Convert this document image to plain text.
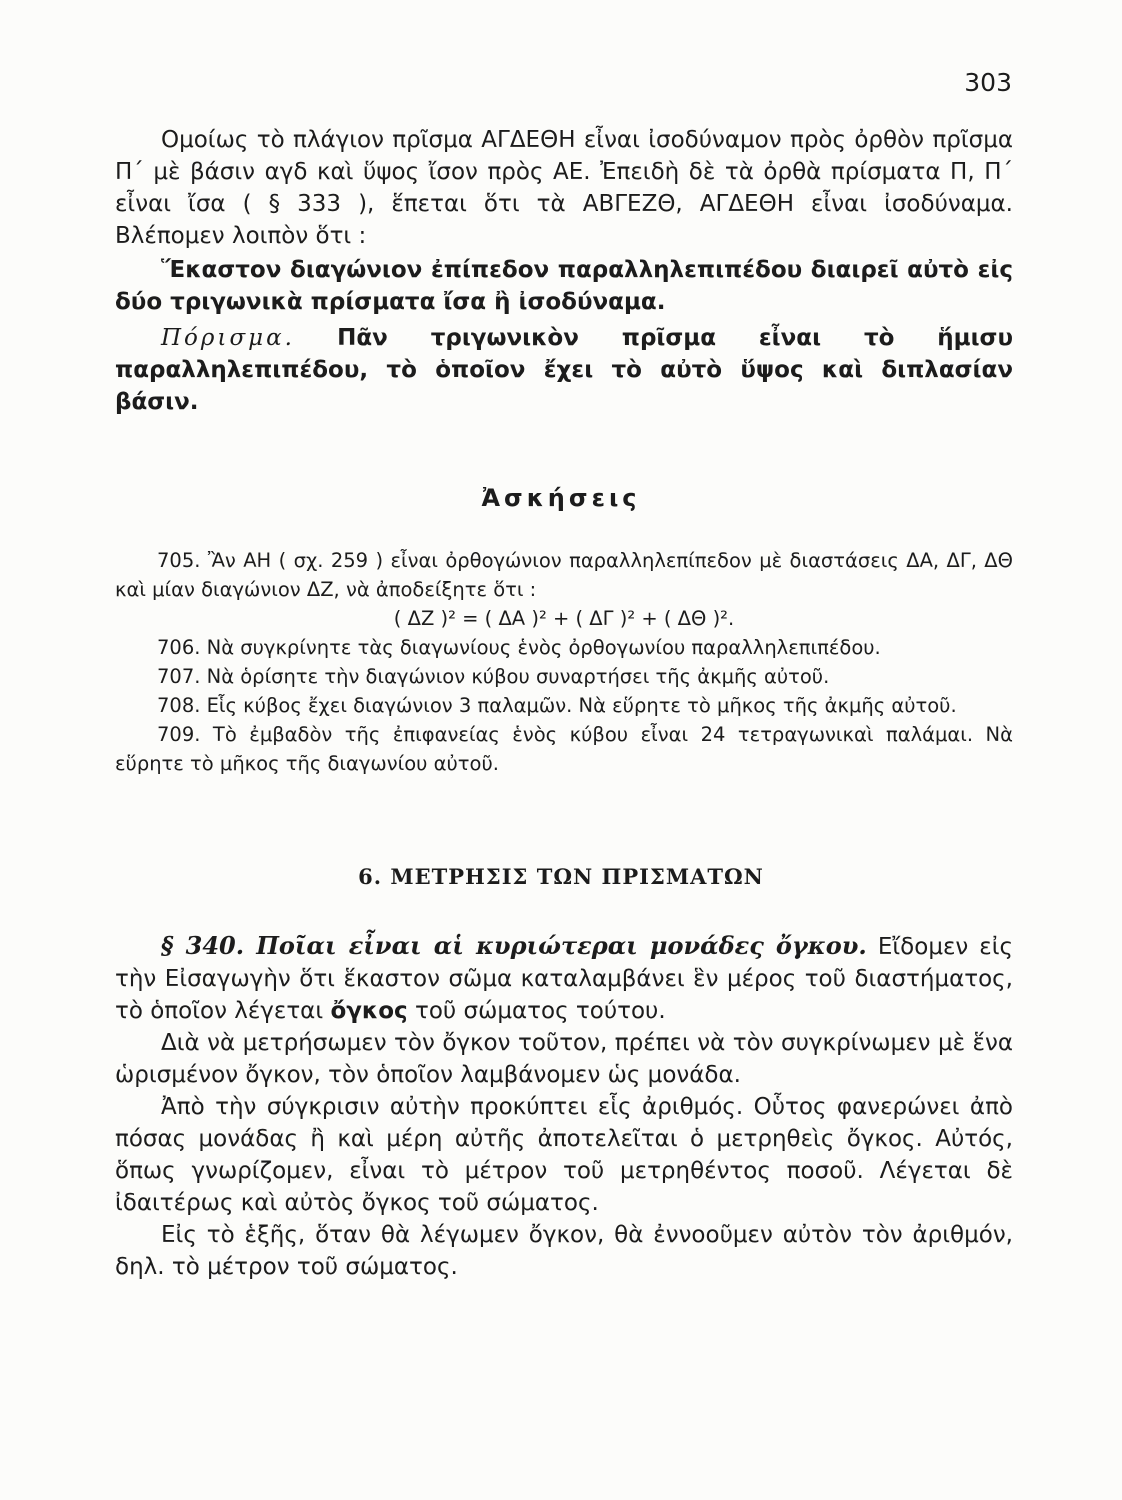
303
Ομοίως τὸ πλάγιον πρῖσμα ΑΓΔΕΘΗ εἶναι ἰσοδύναμον πρὸς ὀρθὸν πρῖσμα Π΄ μὲ βάσιν αγδ καὶ ὕψος ἴσον πρὸς ΑΕ. Ἐπειδὴ δὲ τὰ ὀρθὰ πρίσματα Π, Π΄ εἶναι ἴσα ( § 333 ), ἕπεται ὅτι τὰ ΑΒΓΕΖΘ, ΑΓΔΕΘΗ εἶναι ἰσοδύναμα. Βλέπομεν λοιπὸν ὅτι :
Ἕκαστον διαγώνιον ἐπίπεδον παραλληλεπιπέδου διαιρεῖ αὐτὸ εἰς δύο τριγωνικὰ πρίσματα ἴσα ἢ ἰσοδύναμα.
Πόρισμα. Πᾶν τριγωνικὸν πρῖσμα εἶναι τὸ ἥμισυ παραλληλεπιπέδου, τὸ ὁποῖον ἔχει τὸ αὐτὸ ὕψος καὶ διπλασίαν βάσιν.
Ἀσκήσεις
705. Ἂν ΑΗ ( σχ. 259 ) εἶναι ὀρθογώνιον παραλληλεπίπεδον μὲ διαστάσεις ΔΑ, ΔΓ, ΔΘ καὶ μίαν διαγώνιον ΔΖ, νὰ ἀποδείξητε ὅτι :
( ΔΖ )² = ( ΔΑ )² + ( ΔΓ )² + ( ΔΘ )².
706. Νὰ συγκρίνητε τὰς διαγωνίους ἑνὸς ὀρθογωνίου παραλληλεπιπέδου.
707. Νὰ ὁρίσητε τὴν διαγώνιον κύβου συναρτήσει τῆς ἀκμῆς αὐτοῦ.
708. Εἷς κύβος ἔχει διαγώνιον 3 παλαμῶν. Νὰ εὕρητε τὸ μῆκος τῆς ἀκμῆς αὐτοῦ.
709. Τὸ ἐμβαδὸν τῆς ἐπιφανείας ἑνὸς κύβου εἶναι 24 τετραγωνικαὶ παλάμαι. Νὰ εὕρητε τὸ μῆκος τῆς διαγωνίου αὐτοῦ.
6. ΜΕΤΡΗΣΙΣ ΤΩΝ ΠΡΙΣΜΑΤΩΝ
§ 340. Ποῖαι εἶναι αἱ κυριώτεραι μονάδες ὄγκου. Εἴδομεν εἰς τὴν Εἰσαγωγὴν ὅτι ἕκαστον σῶμα καταλαμβάνει ἓν μέρος τοῦ διαστήματος, τὸ ὁποῖον λέγεται ὄγκος τοῦ σώματος τούτου.
Διὰ νὰ μετρήσωμεν τὸν ὄγκον τοῦτον, πρέπει νὰ τὸν συγκρίνωμεν μὲ ἕνα ὡρισμένον ὄγκον, τὸν ὁποῖον λαμβάνομεν ὡς μονάδα.
Ἀπὸ τὴν σύγκρισιν αὐτὴν προκύπτει εἷς ἀριθμός. Οὗτος φανερώνει ἀπὸ πόσας μονάδας ἢ καὶ μέρη αὐτῆς ἀποτελεῖται ὁ μετρηθεὶς ὄγκος. Αὐτός, ὅπως γνωρίζομεν, εἶναι τὸ μέτρον τοῦ μετρηθέντος ποσοῦ. Λέγεται δὲ ἰδαιτέρως καὶ αὐτὸς ὄγκος τοῦ σώματος.
Εἰς τὸ ἑξῆς, ὅταν θὰ λέγωμεν ὄγκον, θὰ ἐννοοῦμεν αὐτὸν τὸν ἀριθμόν, δηλ. τὸ μέτρον τοῦ σώματος.
